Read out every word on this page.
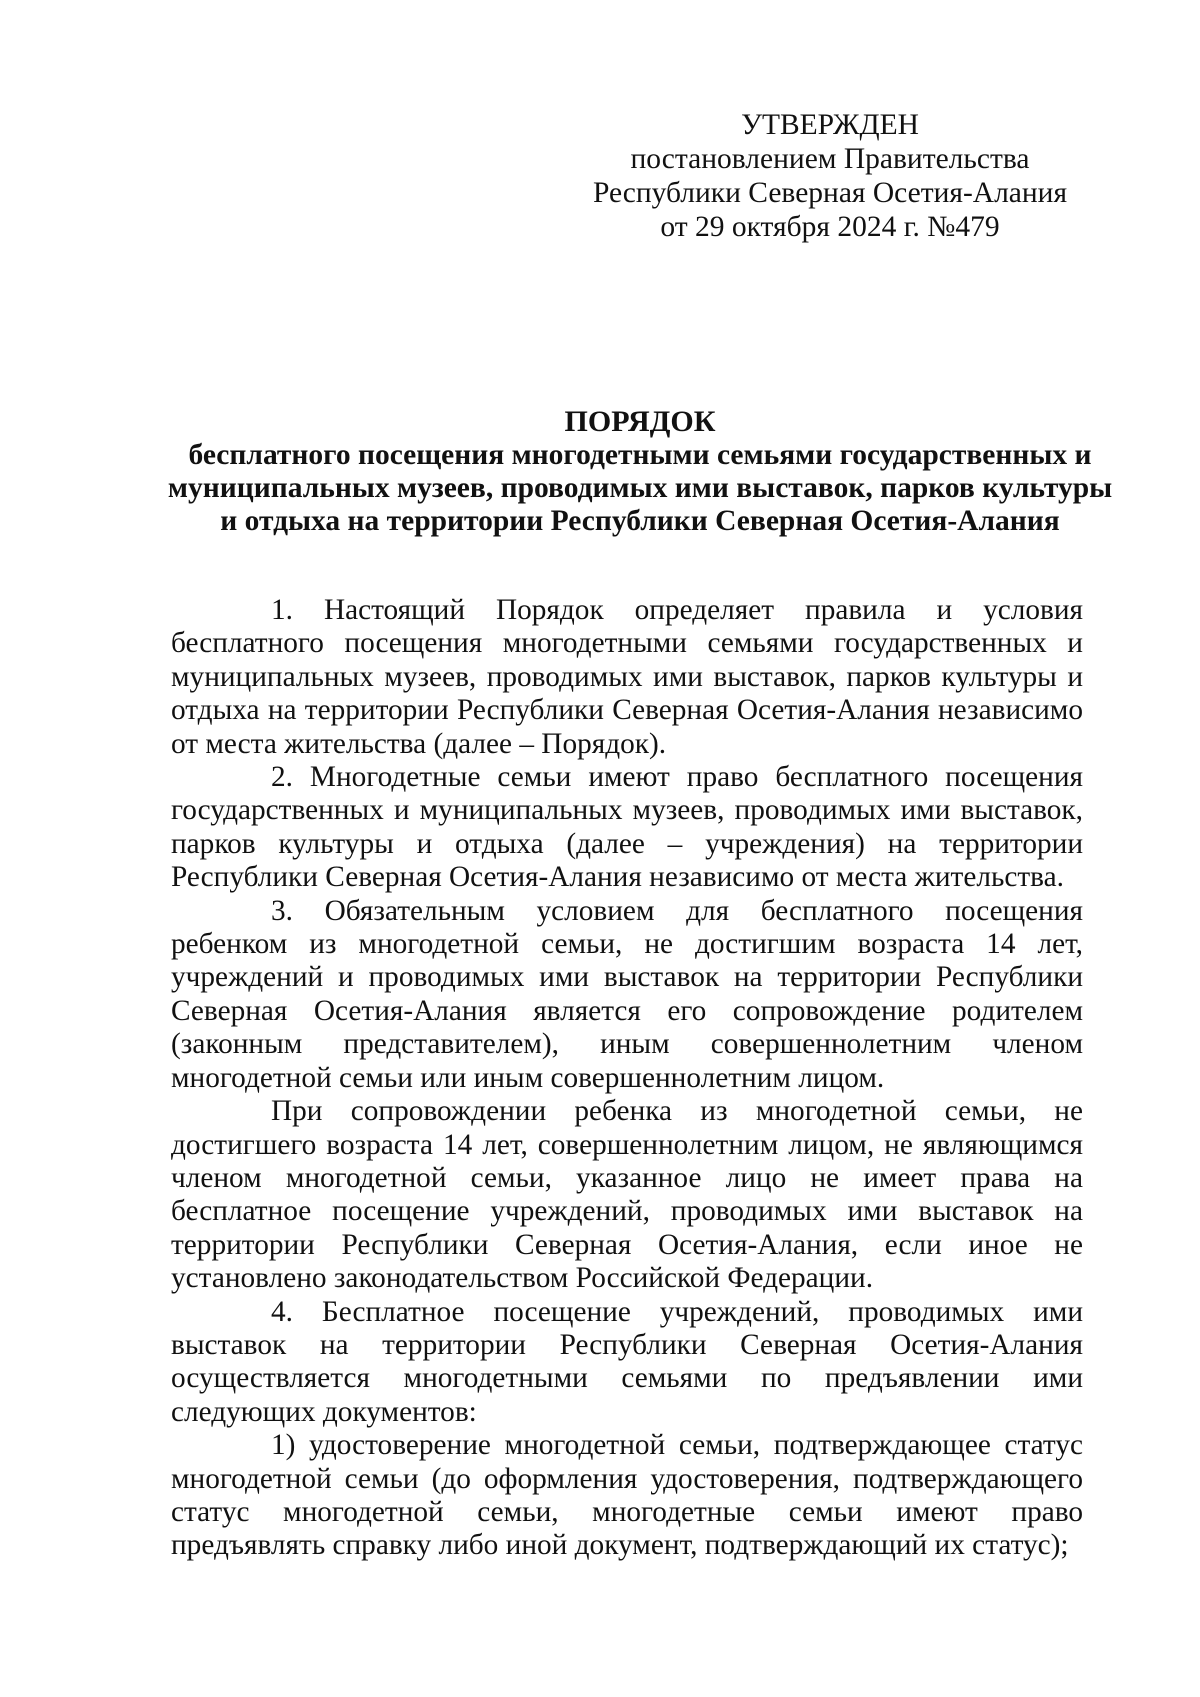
УТВЕРЖДЕН
постановлением Правительства
Республики Северная Осетия-Алания
от 29 октября 2024 г. №479
ПОРЯДОК
бесплатного посещения многодетными семьями государственных и
муниципальных музеев, проводимых ими выставок, парков культуры
и отдыха на территории Республики Северная Осетия-Алания

1. Настоящий Порядок определяет правила и условия бесплатного посещения многодетными семьями государственных и муниципальных музеев, проводимых ими выставок, парков культуры и отдыха на территории Республики Северная Осетия-Алания независимо от места жительства (далее – Порядок).

2. Многодетные семьи имеют право бесплатного посещения государственных и муниципальных музеев, проводимых ими выставок, парков культуры и отдыха (далее – учреждения) на территории Республики Северная Осетия-Алания независимо от места жительства.

3. Обязательным условием для бесплатного посещения ребенком из многодетной семьи, не достигшим возраста 14 лет, учреждений и проводимых ими выставок на территории Республики Северная Осетия-Алания является его сопровождение родителем (законным представителем), иным совершеннолетним членом многодетной семьи или иным совершеннолетним лицом.

При сопровождении ребенка из многодетной семьи, не достигшего возраста 14 лет, совершеннолетним лицом, не являющимся членом многодетной семьи, указанное лицо не имеет права на бесплатное посещение учреждений, проводимых ими выставок на территории Республики Северная Осетия-Алания, если иное не установлено законодательством Российской Федерации.

4. Бесплатное посещение учреждений, проводимых ими выставок на территории Республики Северная Осетия-Алания осуществляется многодетными семьями по предъявлении ими следующих документов:

1) удостоверение многодетной семьи, подтверждающее статус многодетной семьи (до оформления удостоверения, подтверждающего статус многодетной семьи, многодетные семьи имеют право предъявлять справку либо иной документ, подтверждающий их статус);
